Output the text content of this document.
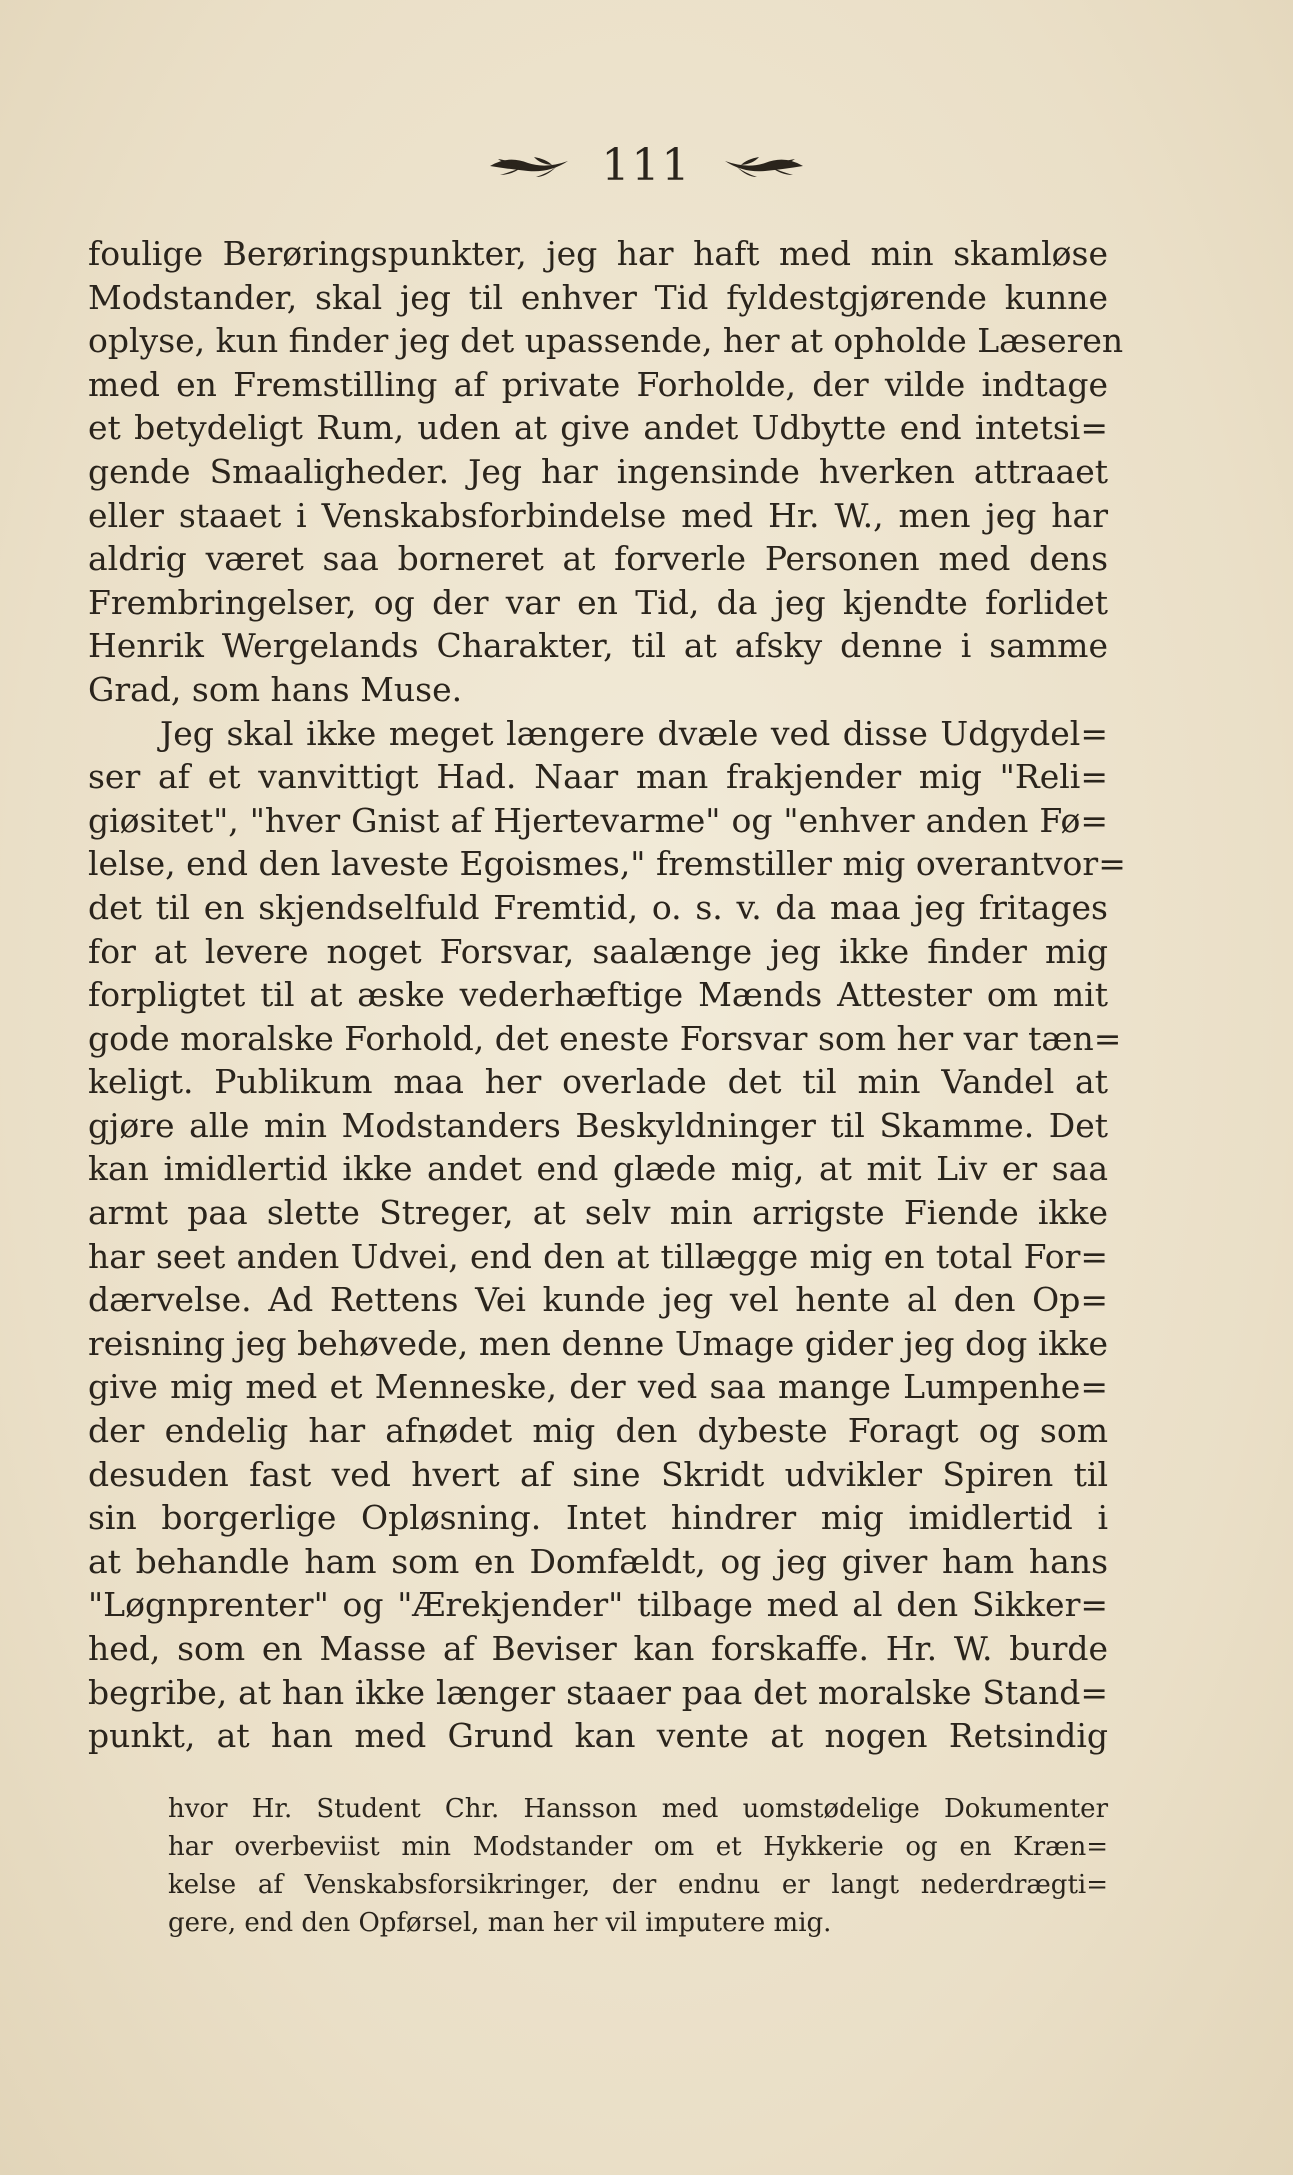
111
foulige Berøringspunkter, jeg har haft med min skamløse
Modstander, skal jeg til enhver Tid fyldestgjørende kunne
oplyse, kun finder jeg det upassende, her at opholde Læseren
med en Fremstilling af private Forholde, der vilde indtage
et betydeligt Rum, uden at give andet Udbytte end intetsi=
gende Smaaligheder. Jeg har ingensinde hverken attraaet
eller staaet i Venskabsforbindelse med Hr. W., men jeg har
aldrig været saa borneret at forverle Personen med dens
Frembringelser, og der var en Tid, da jeg kjendte forlidet
Henrik Wergelands Charakter, til at afsky denne i samme
Grad, som hans Muse.
Jeg skal ikke meget længere dvæle ved disse Udgydel=
ser af et vanvittigt Had. Naar man frakjender mig "Reli=
giøsitet", "hver Gnist af Hjertevarme" og "enhver anden Fø=
lelse, end den laveste Egoismes," fremstiller mig overantvor=
det til en skjendselfuld Fremtid, o. s. v. da maa jeg fritages
for at levere noget Forsvar, saalænge jeg ikke finder mig
forpligtet til at æske vederhæftige Mænds Attester om mit
gode moralske Forhold, det eneste Forsvar som her var tæn=
keligt. Publikum maa her overlade det til min Vandel at
gjøre alle min Modstanders Beskyldninger til Skamme. Det
kan imidlertid ikke andet end glæde mig, at mit Liv er saa
armt paa slette Streger, at selv min arrigste Fiende ikke
har seet anden Udvei, end den at tillægge mig en total For=
dærvelse. Ad Rettens Vei kunde jeg vel hente al den Op=
reisning jeg behøvede, men denne Umage gider jeg dog ikke
give mig med et Menneske, der ved saa mange Lumpenhe=
der endelig har afnødet mig den dybeste Foragt og som
desuden fast ved hvert af sine Skridt udvikler Spiren til
sin borgerlige Opløsning. Intet hindrer mig imidlertid i
at behandle ham som en Domfældt, og jeg giver ham hans
"Løgnprenter" og "Ærekjender" tilbage med al den Sikker=
hed, som en Masse af Beviser kan forskaffe. Hr. W. burde
begribe, at han ikke længer staaer paa det moralske Stand=
punkt, at han med Grund kan vente at nogen Retsindig
hvor Hr. Student Chr. Hansson med uomstødelige Dokumenter
har overbeviist min Modstander om et Hykkerie og en Kræn=
kelse af Venskabsforsikringer, der endnu er langt nederdrægti=
gere, end den Opførsel, man her vil imputere mig.
